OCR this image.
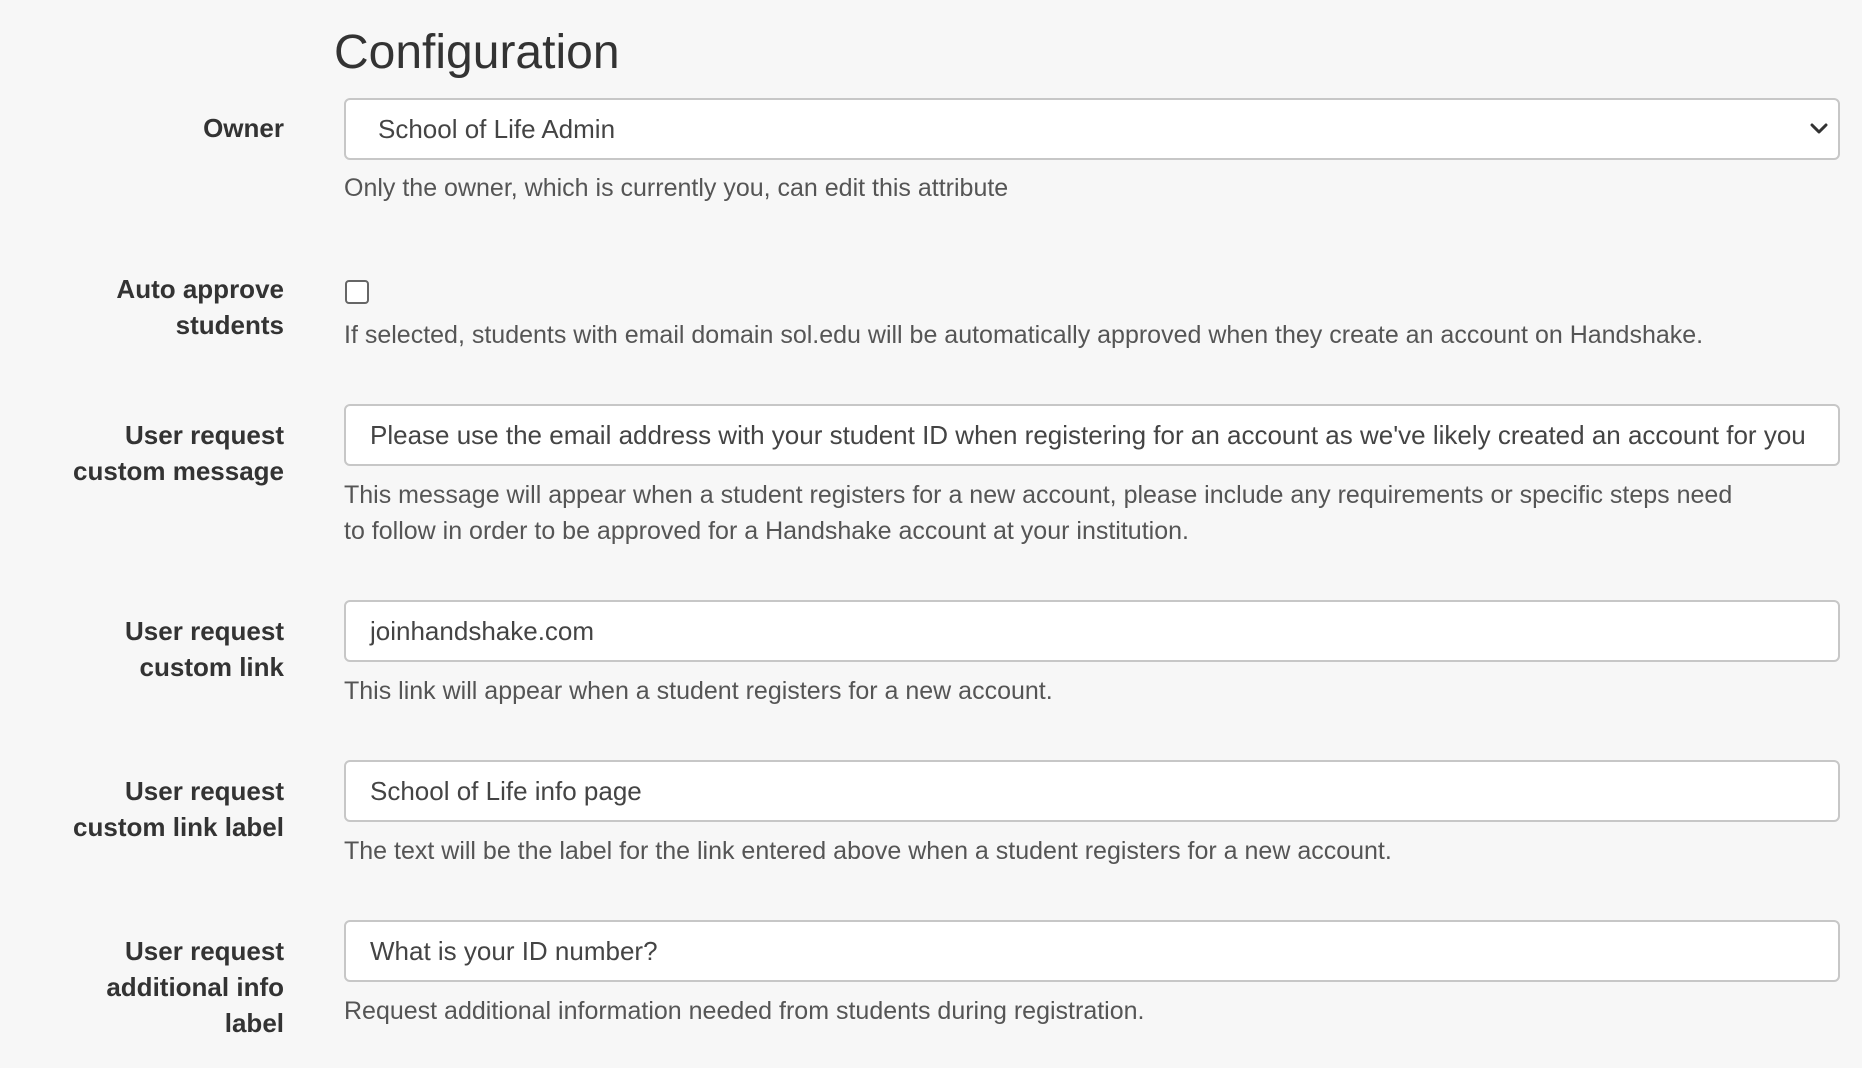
Configuration
Owner	School of Life Admin
Only the owner, which is currently you, can edit this attribute
Auto approve
students If selected, students with email domain sol.edu will be automatically approved when they create an account on Handshake.
User request
custom message
Please use the email address with your student ID when registering for an account as we've likely created an account for you
This message will appear when a student registers for a new account, please include any requirements or specific steps need
to follow in order to be approved for a Handshake account at your institution.
User request
custom link
joinhandshake.com
This link will appear when a student registers for a new account.
User request
custom link label
School of Life info page
The text will be the label for the link entered above when a student registers for a new account.
User request
additional info
label
What is your ID number?
Request additional information needed from students during registration.
